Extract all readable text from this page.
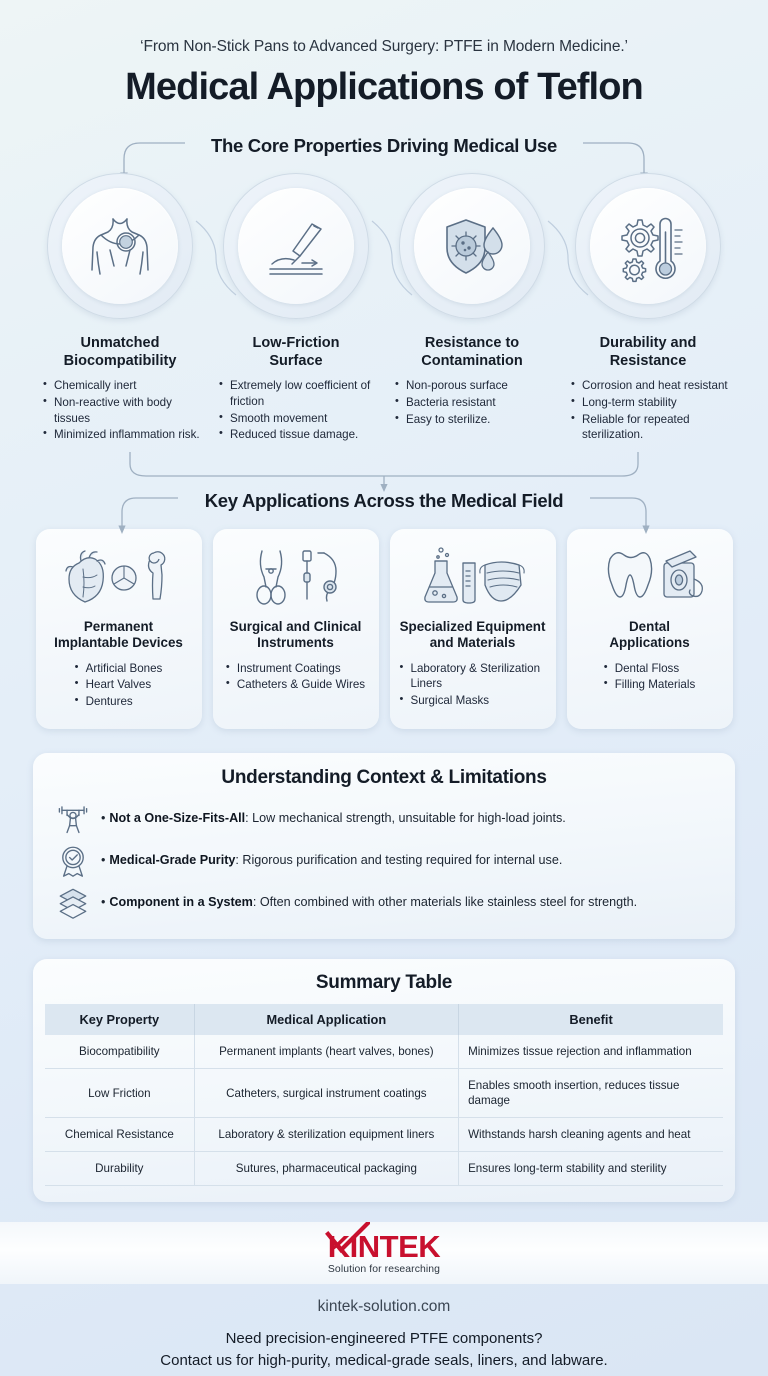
‘From Non-Stick Pans to Advanced Surgery: PTFE in Modern Medicine.’
Medical Applications of Teflon
The Core Properties Driving Medical Use
Unmatched
Biocompatibility
• Chemically inert
• Non-reactive with body tissues
• Minimized inflammation risk.
Low-Friction
Surface
• Extremely low coefficient of friction
• Smooth movement
• Reduced tissue damage.
Resistance to
Contamination
• Non-porous surface
• Bacteria resistant
• Easy to sterilize.
Durability and
Resistance
• Corrosion and heat resistant
• Long-term stability
• Reliable for repeated sterilization.
Key Applications Across the Medical Field
Permanent
Implantable Devices
• Artificial Bones
• Heart Valves
• Dentures
Surgical and Clinical
Instruments
• Instrument Coatings
• Catheters & Guide Wires
Specialized Equipment
and Materials
• Laboratory & Sterilization Liners
• Surgical Masks
Dental
Applications
• Dental Floss
• Filling Materials
Understanding Context & Limitations
• Not a One-Size-Fits-All: Low mechanical strength, unsuitable for high-load joints.
• Medical-Grade Purity: Rigorous purification and testing required for internal use.
• Component in a System: Often combined with other materials like stainless steel for strength.
Summary Table
Key Property	Medical Application	Benefit
Biocompatibility	Permanent implants (heart valves, bones)	Minimizes tissue rejection and inflammation
Low Friction	Catheters, surgical instrument coatings	Enables smooth insertion, reduces tissue damage
Chemical Resistance	Laboratory & sterilization equipment liners	Withstands harsh cleaning agents and heat
Durability	Sutures, pharmaceutical packaging	Ensures long-term stability and sterility
KINTEK
Solution for researching
kintek-solution.com
Need precision-engineered PTFE components?
Contact us for high-purity, medical-grade seals, liners, and labware.
